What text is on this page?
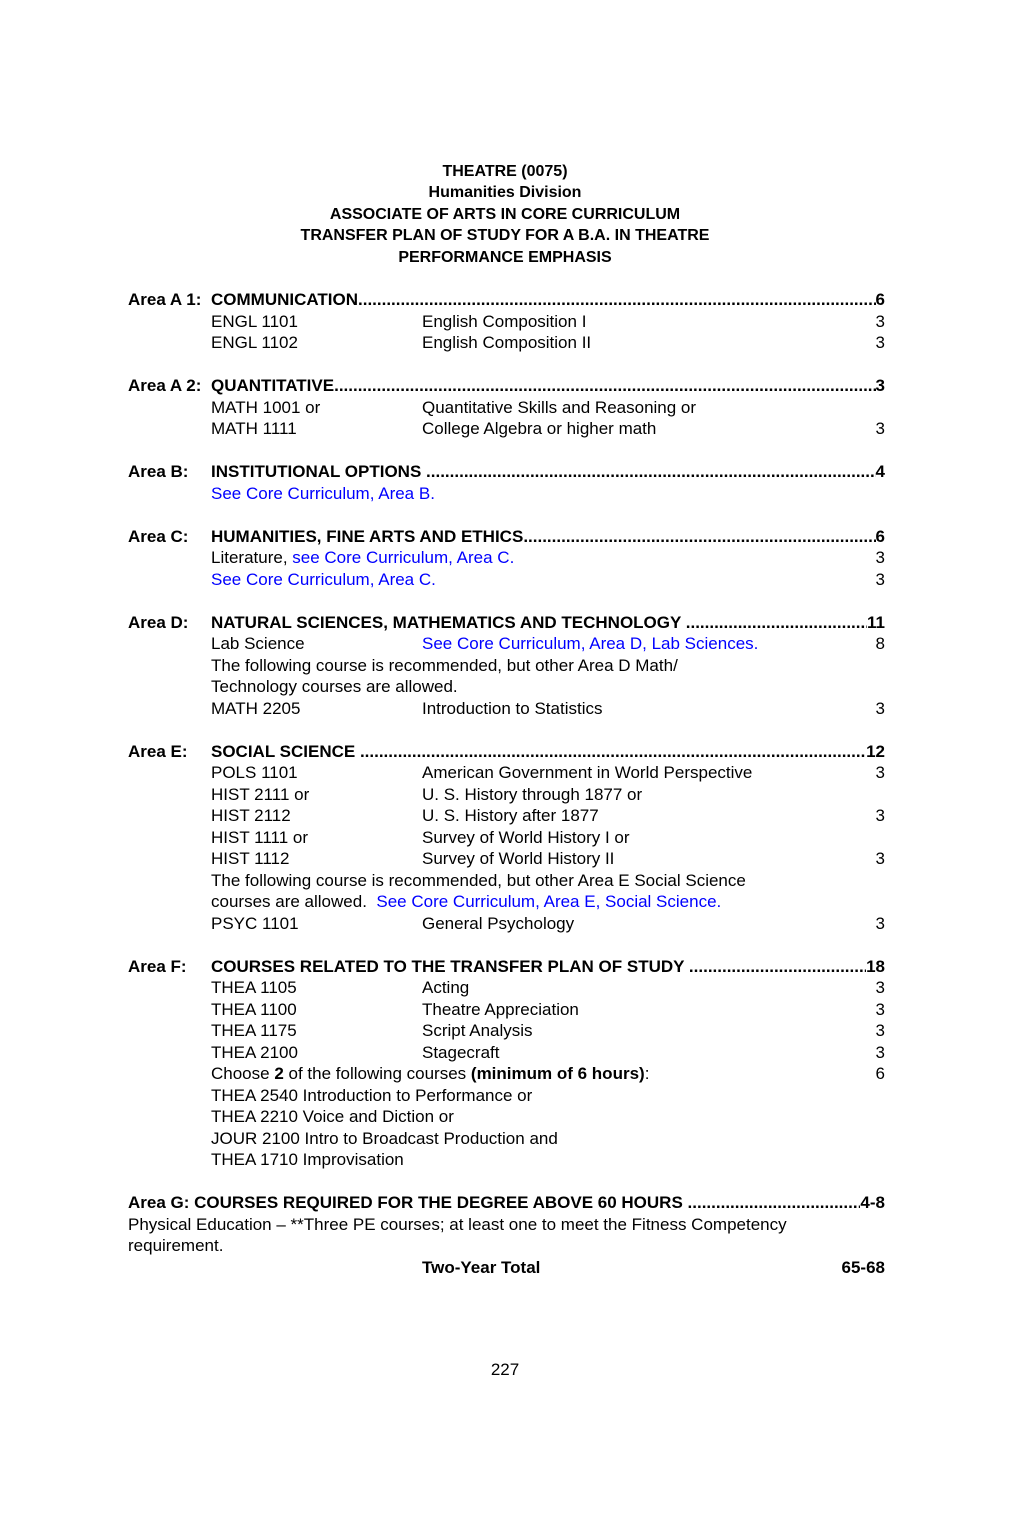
THEATRE (0075)
Humanities Division
ASSOCIATE OF ARTS IN CORE CURRICULUM
TRANSFER PLAN OF STUDY FOR A B.A. IN THEATRE
PERFORMANCE EMPHASIS
Area A 1: COMMUNICATION .....	6
ENGL 1101	English Composition I	3
ENGL 1102	English Composition II	3
Area A 2: QUANTITATIVE .....	3
MATH 1001 or	Quantitative Skills and Reasoning or
MATH 1111	College Algebra or higher math	3
Area B: INSTITUTIONAL OPTIONS .....	4
See Core Curriculum, Area B.
Area C: HUMANITIES, FINE ARTS AND ETHICS .....	6
Literature, see Core Curriculum, Area C.	3
See Core Curriculum, Area C.	3
Area D: NATURAL SCIENCES, MATHEMATICS AND TECHNOLOGY .....	11
Lab Science	See Core Curriculum, Area D, Lab Sciences.	8
The following course is recommended, but other Area D Math/
Technology courses are allowed.
MATH 2205	Introduction to Statistics	3
Area E: SOCIAL SCIENCE .....	12
POLS 1101	American Government in World Perspective	3
HIST 2111 or	U. S. History through 1877 or
HIST 2112	U. S. History after 1877	3
HIST 1111 or	Survey of World History I or
HIST 1112	Survey of World History II	3
The following course is recommended, but other Area E Social Science
courses are allowed.  See Core Curriculum, Area E, Social Science.
PSYC 1101	General Psychology	3
Area F: COURSES RELATED TO THE TRANSFER PLAN OF STUDY .....	18
THEA 1105	Acting	3
THEA 1100	Theatre Appreciation	3
THEA 1175	Script Analysis	3
THEA 2100	Stagecraft	3
Choose 2 of the following courses (minimum of 6 hours):	6
THEA 2540 Introduction to Performance or
THEA 2210 Voice and Diction or
JOUR 2100 Intro to Broadcast Production and
THEA 1710 Improvisation
Area G: COURSES REQUIRED FOR THE DEGREE ABOVE 60 HOURS .....	4-8
Physical Education – **Three PE courses; at least one to meet the Fitness Competency
requirement.
Two-Year Total	65-68
227
